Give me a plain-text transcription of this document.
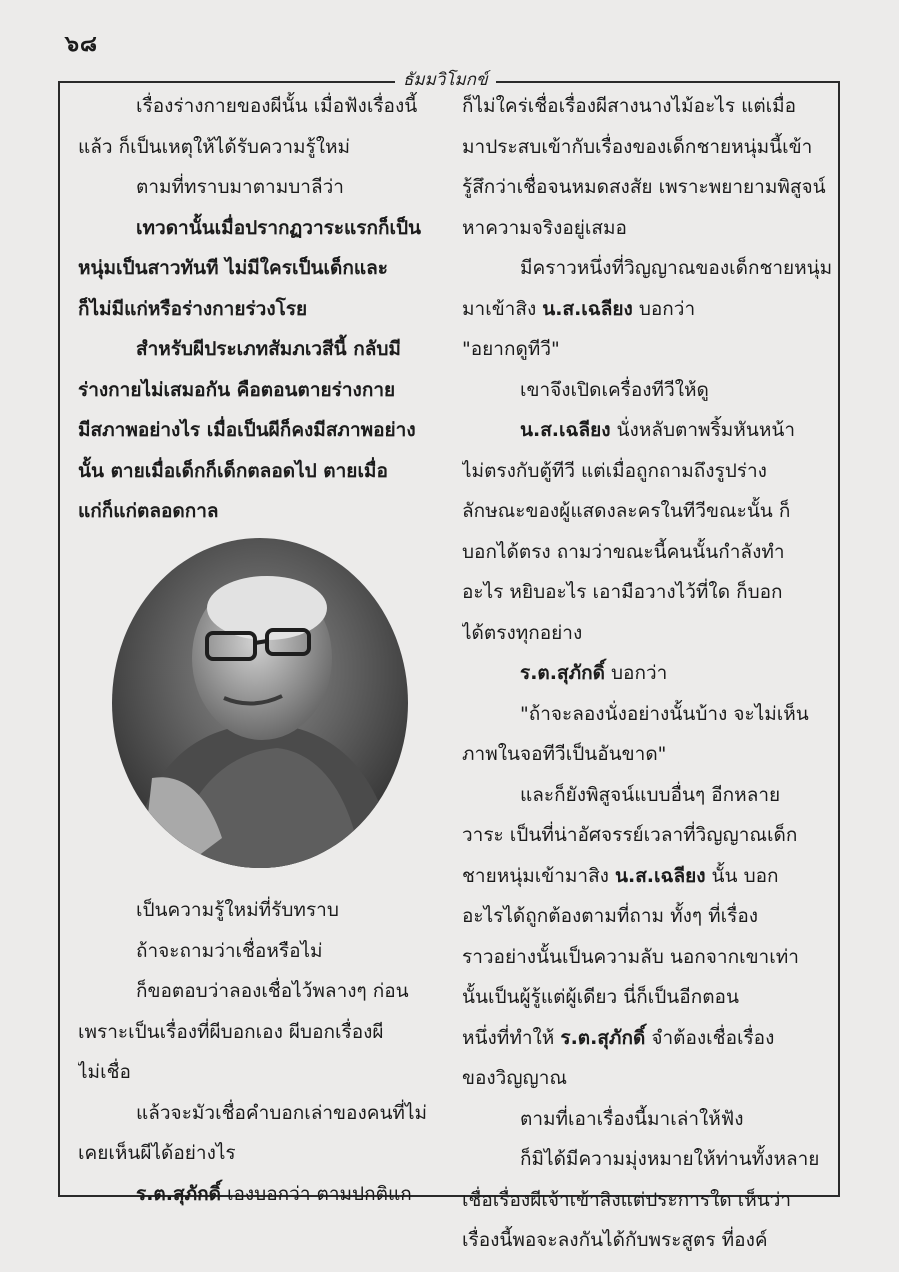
๖๘
ธัมมวิโมกข์
เรื่องร่างกายของผีนั้น เมื่อฟังเรื่องนี้
แล้ว ก็เป็นเหตุให้ได้รับความรู้ใหม่
ตามที่ทราบมาตามบาลีว่า
เทวดานั้นเมื่อปรากฏวาระแรกก็เป็น
หนุ่มเป็นสาวทันที ไม่มีใครเป็นเด็กและ
ก็ไม่มีแก่หรือร่างกายร่วงโรย
สำหรับผีประเภทสัมภเวสีนี้ กลับมี
ร่างกายไม่เสมอกัน คือตอนตายร่างกาย
มีสภาพอย่างไร เมื่อเป็นผีก็คงมีสภาพอย่าง
นั้น ตายเมื่อเด็กก็เด็กตลอดไป ตายเมื่อ
แก่ก็แก่ตลอดกาล
เป็นความรู้ใหม่ที่รับทราบ
ถ้าจะถามว่าเชื่อหรือไม่
ก็ขอตอบว่าลองเชื่อไว้พลางๆ ก่อน
เพราะเป็นเรื่องที่ผีบอกเอง ผีบอกเรื่องผี
ไม่เชื่อ
แล้วจะมัวเชื่อคำบอกเล่าของคนที่ไม่
เคยเห็นผีได้อย่างไร
ร.ต.สุภักดิ์ เองบอกว่า ตามปกติแก
ก็ไม่ใคร่เชื่อเรื่องผีสางนางไม้อะไร แต่เมื่อ
มาประสบเข้ากับเรื่องของเด็กชายหนุ่มนี้เข้า
รู้สึกว่าเชื่อจนหมดสงสัย เพราะพยายามพิสูจน์
หาความจริงอยู่เสมอ
มีคราวหนึ่งที่วิญญาณของเด็กชายหนุ่ม
มาเข้าสิง น.ส.เฉลียง บอกว่า
"อยากดูทีวี"
เขาจึงเปิดเครื่องทีวีให้ดู
น.ส.เฉลียง นั่งหลับตาพริ้มหันหน้า
ไม่ตรงกับตู้ทีวี แต่เมื่อถูกถามถึงรูปร่าง
ลักษณะของผู้แสดงละครในทีวีขณะนั้น ก็
บอกได้ตรง ถามว่าขณะนี้คนนั้นกำลังทำ
อะไร หยิบอะไร เอามือวางไว้ที่ใด ก็บอก
ได้ตรงทุกอย่าง
ร.ต.สุภักดิ์ บอกว่า
"ถ้าจะลองนั่งอย่างนั้นบ้าง จะไม่เห็น
ภาพในจอทีวีเป็นอันขาด"
และก็ยังพิสูจน์แบบอื่นๆ อีกหลาย
วาระ เป็นที่น่าอัศจรรย์เวลาที่วิญญาณเด็ก
ชายหนุ่มเข้ามาสิง น.ส.เฉลียง นั้น บอก
อะไรได้ถูกต้องตามที่ถาม ทั้งๆ ที่เรื่อง
ราวอย่างนั้นเป็นความลับ นอกจากเขาเท่า
นั้นเป็นผู้รู้แต่ผู้เดียว นี่ก็เป็นอีกตอน
หนึ่งที่ทำให้ ร.ต.สุภักดิ์ จำต้องเชื่อเรื่อง
ของวิญญาณ
ตามที่เอาเรื่องนี้มาเล่าให้ฟัง
ก็มิได้มีความมุ่งหมายให้ท่านทั้งหลาย
เชื่อเรื่องผีเจ้าเข้าสิงแต่ประการใด เห็นว่า
เรื่องนี้พอจะลงกันได้กับพระสูตร ที่องค์
